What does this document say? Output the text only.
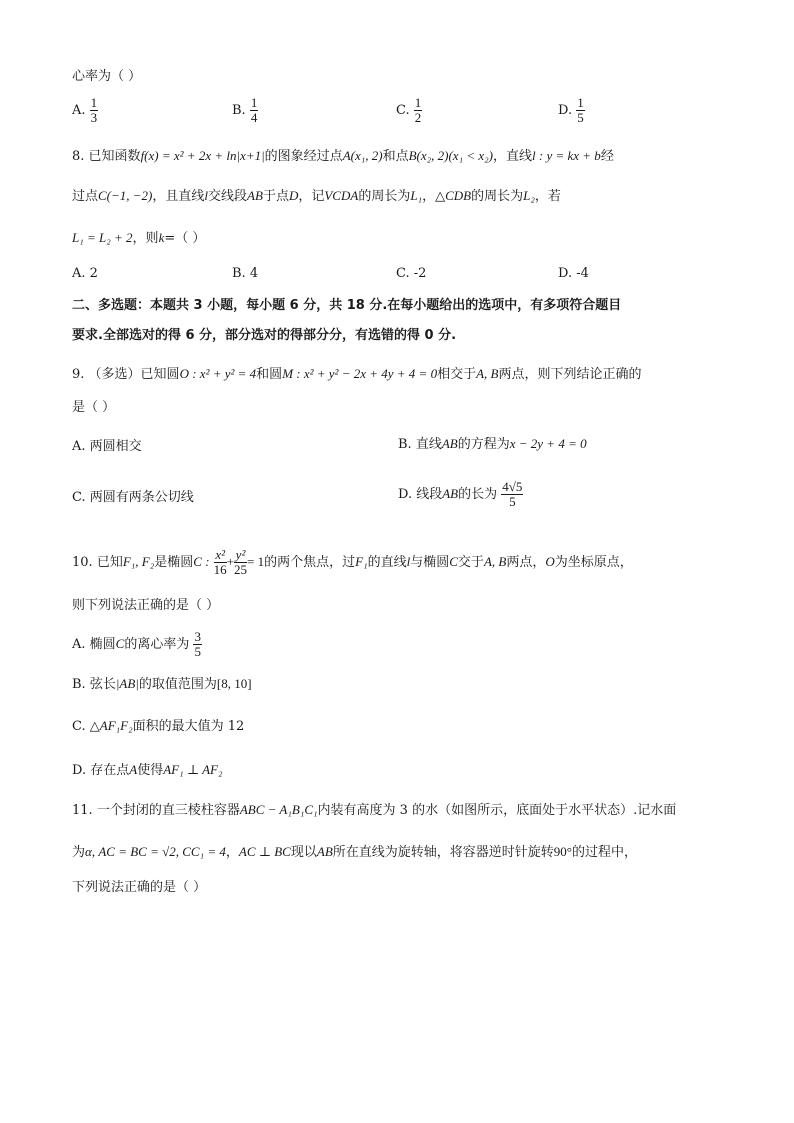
心率为（ ）
A. $\frac{1}{3}$	B. $\frac{1}{4}$	C. $\frac{1}{2}$	D. $\frac{1}{5}$
8. 已知函数f(x) = x² + 2x + ln|x+1|的图象经过点A(x₁, 2)和点B(x₂, 2)(x₁ < x₂)，直线l : y = kx + b经
过点C(−1, −2)，且直线l交线段AB于点D，记VCDA的周长为L₁，△CDB的周长为L₂，若
L₁ = L₂ + 2，则k=（ ）
A. 2	B. 4	C. -2	D. -4
二、多选题：本题共 3 小题，每小题 6 分，共 18 分.在每小题给出的选项中，有多项符合题目
要求.全部选对的得 6 分，部分选对的得部分分，有选错的得 0 分.
9. （多选）已知圆O : x² + y² = 4和圆M : x² + y² − 2x + 4y + 4 = 0相交于A, B两点，则下列结论正确的
是（ ）
A. 两圆相交	B. 直线AB的方程为x − 2y + 4 = 0
C. 两圆有两条公切线	D. 线段AB的长为 $\frac{4√5}{5}$
10. 已知F₁, F₂是椭圆C : $\frac{\text{x²}}{16} + \frac{\text{y²}}{25} = 1$的两个焦点，过F₁的直线l与椭圆C交于A, B两点，O为坐标原点，
则下列说法正确的是（ ）
A. 椭圆C的离心率为 $\frac{3}{5}$
B. 弦长|AB|的取值范围为[8, 10]
C. △AF₁F₂面积的最大值为 12
D. 存在点A使得AF₁ ⊥ AF₂
11. 一个封闭的直三棱柱容器ABC − A₁B₁C₁内装有高度为 3 的水（如图所示，底面处于水平状态）.记水面
为α, AC = BC = √2, CC₁ = 4，AC ⊥ BC现以AB所在直线为旋转轴，将容器逆时针旋转90°的过程中，
下列说法正确的是（ ）
